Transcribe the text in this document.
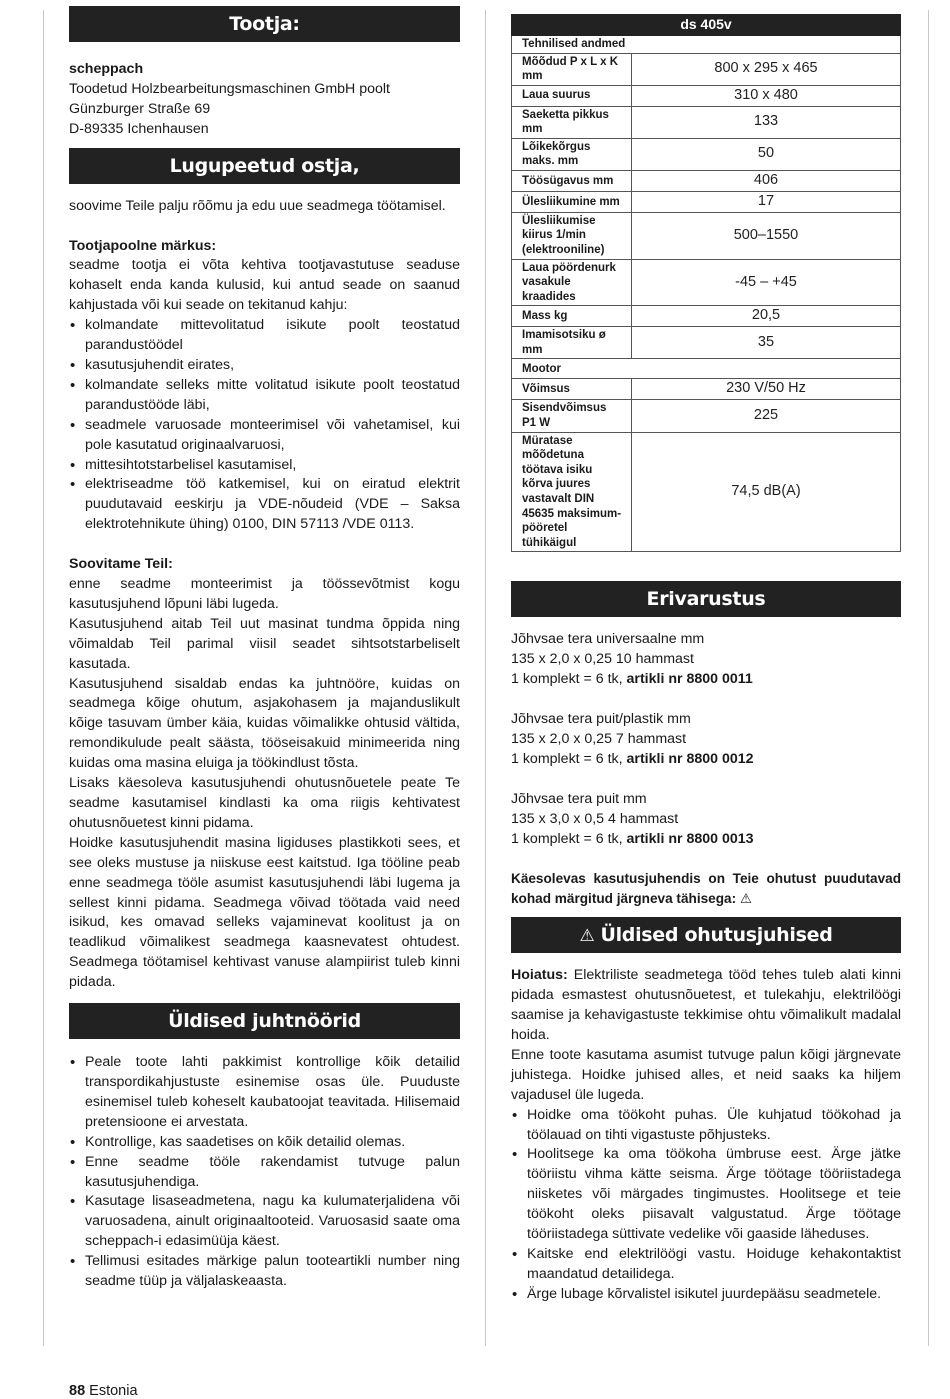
Tootja:

scheppach

Toodetud Holzbearbeitungsmaschinen GmbH poolt

Günzburger Straße 69

D-89335 Ichenhausen

Lugupeetud ostja,

soovime Teile palju rõõmu ja edu uue seadmega töötamisel.

Tootjapoolne märkus:

seadme tootja ei võta kehtiva tootjavastutuse seaduse kohaselt enda kanda kulusid, kui antud seade on saanud kahjustada või kui seade on tekitanud kahju:

• kolmandate mittevolitatud isikute poolt teostatud parandustöödel
• kasutusjuhendit eirates,
• kolmandate selleks mitte volitatud isikute poolt teostatud parandustööde läbi,
• seadmele varuosade monteerimisel või vahetamisel, kui pole kasutatud originaalvaruosi,
• mittesihtotstarbelisel kasutamisel,
• elektriseadme töö katkemisel, kui on eiratud elektrit puudutavaid eeskirju ja VDE-nõudeid (VDE – Saksa elektrotehnikute ühing) 0100, DIN 57113 /VDE 0113.

Soovitame Teil:

enne seadme monteerimist ja töössevõtmist kogu kasutusjuhend lõpuni läbi lugeda.

Kasutusjuhend aitab Teil uut masinat tundma õppida ning võimaldab Teil parimal viisil seadet sihtsotstarbeliselt kasutada.

Kasutusjuhend sisaldab endas ka juhtnööre, kuidas on seadmega kõige ohutum, asjakohasem ja majanduslikult kõige tasuvam ümber käia, kuidas võimalikke ohtusid vältida, remondikulude pealt säästa, tööseisakuid minimeerida ning kuidas oma masina eluiga ja töökindlust tõsta.

Lisaks käesoleva kasutusjuhendi ohutusnõuetele peate Te seadme kasutamisel kindlasti ka oma riigis kehtivatest ohutusnõuetest kinni pidama.

Hoidke kasutusjuhendit masina ligiduses plastikkoti sees, et see oleks mustuse ja niiskuse eest kaitstud. Iga tööline peab enne seadmega tööle asumist kasutusjuhendi läbi lugema ja sellest kinni pidama. Seadmega võivad töötada vaid need isikud, kes omavad selleks vajaminevat koolitust ja on teadlikud võimalikest seadmega kaasnevatest ohtudest. Seadmega töötamisel kehtivast vanuse alampiirist tuleb kinni pidada.

Üldised juhtnöörid
• Peale toote lahti pakkimist kontrollige kõik detailid transpordikahjustuste esinemise osas üle. Puuduste esinemisel tuleb koheselt kaubatoojat teavitada. Hilisemaid pretensioone ei arvestata.
• Kontrollige, kas saadetises on kõik detailid olemas.
• Enne seadme tööle rakendamist tutvuge palun kasutusjuhendiga.
• Kasutage lisaseadmetena, nagu ka kulumaterjalidena või varuosadena, ainult originaaltooteid. Varuosasid saate oma scheppach-i edasimüüja käest.
• Tellimusi esitades märkige palun tooteartikli number ning seadme tüüp ja väljalaskeaasta.
ds 405v	
Tehnilised andmed	
Mõõdud P x L x K mm	800 x 295 x 465
Laua suurus	310 x 480
Saeketta pikkus mm	133
Lõikekõrgus maks. mm	50
Töösügavus mm	406
Ülesliikumine mm	17
Ülesliikumise kiirus 1/min (elektrooniline)	500–1550
Laua pöördenurk vasakule kraadides	-45 – +45
Mass kg	20,5
Imamisotsiku ø mm	35
Mootor	
Võimsus	230 V/50 Hz
Sisendvõimsus P1 W	225
Müratase mõõdetuna töötava isiku kõrva juures vastavalt DIN 45635 maksimum-pööretel tühikäigul	74,5 dB(A)
Erivarustus

Jõhvsae tera universaalne mm

135 x 2,0 x 0,25 10 hammast

1 komplekt = 6 tk, artikli nr 8800 0011

Jõhvsae tera puit/plastik mm

135 x 2,0 x 0,25 7 hammast

1 komplekt = 6 tk, artikli nr 8800 0012

Jõhvsae tera puit mm

135 x 3,0 x 0,5 4 hammast

1 komplekt = 6 tk, artikli nr 8800 0013

Käesolevas kasutusjuhendis on Teie ohutust puudutavad kohad märgitud järgneva tähisega: ⚠

⚠ Üldised ohutusjuhised

Hoiatus: Elektriliste seadmetega tööd tehes tuleb alati kinni pidada esmastest ohutusnõuetest, et tulekahju, elektrilöögi saamise ja kehavigastuste tekkimise ohtu võimalikult madalal hoida.

Enne toote kasutama asumist tutvuge palun kõigi järgnevate juhistega. Hoidke juhised alles, et neid saaks ka hiljem vajadusel üle lugeda.

• Hoidke oma töökoht puhas. Üle kuhjatud töökohad ja töölauad on tihti vigastuste põhjusteks.
• Hoolitsege ka oma töökoha ümbruse eest. Ärge jätke tööriistu vihma kätte seisma. Ärge töötage tööriistadega niisketes või märgades tingimustes. Hoolitsege et teie töökoht oleks piisavalt valgustatud. Ärge töötage tööriistadega süttivate vedelike või gaaside läheduses.
• Kaitske end elektrilöögi vastu. Hoiduge kehakontaktist maandatud detailidega.
• Ärge lubage kõrvalistel isikutel juurdepääsu seadmetele.
88 Estonia
